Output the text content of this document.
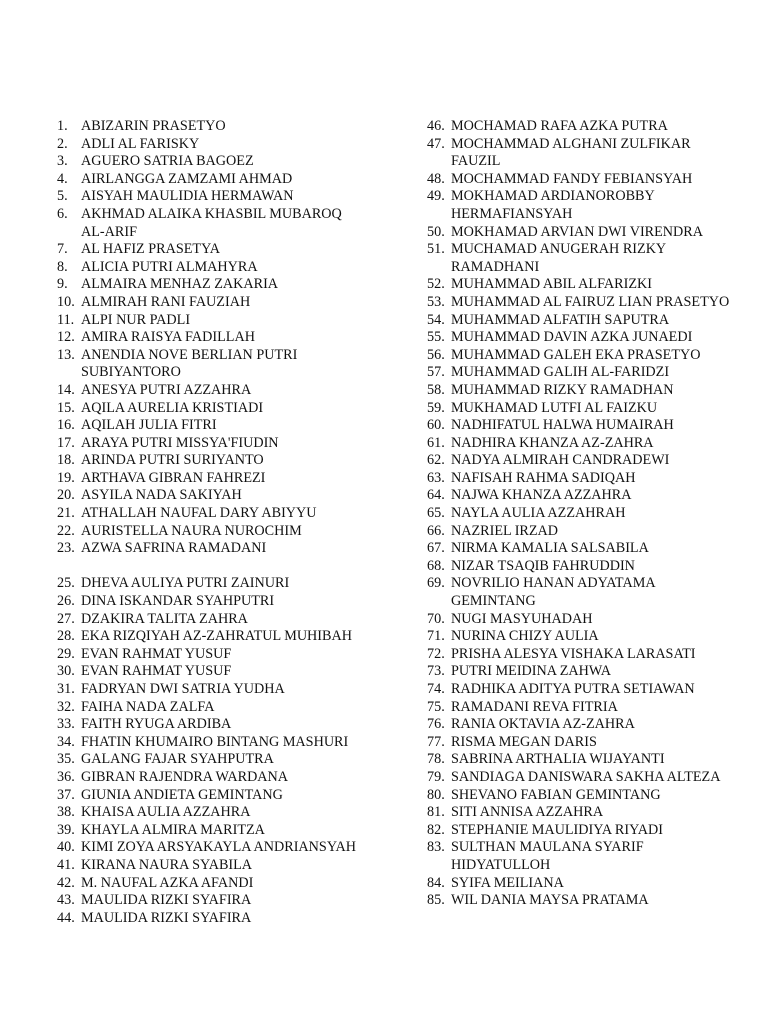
1. ABIZARIN PRASETYO
2. ADLI AL FARISKY
3. AGUERO SATRIA BAGOEZ
4. AIRLANGGA ZAMZAMI AHMAD
5. AISYAH MAULIDIA HERMAWAN
6. AKHMAD ALAIKA KHASBIL MUBAROQ
AL-ARIF
7. AL HAFIZ PRASETYA
8. ALICIA PUTRI ALMAHYRA
9. ALMAIRA MENHAZ ZAKARIA
10. ALMIRAH RANI FAUZIAH
11. ALPI NUR PADLI
12. AMIRA RAISYA FADILLAH
13. ANENDIA NOVE BERLIAN PUTRI
SUBIYANTORO
14. ANESYA PUTRI AZZAHRA
15. AQILA AURELIA KRISTIADI
16. AQILAH JULIA FITRI
17. ARAYA PUTRI MISSYA'FIUDIN
18. ARINDA PUTRI SURIYANTO
19. ARTHAVA GIBRAN FAHREZI
20. ASYILA NADA SAKIYAH
21. ATHALLAH NAUFAL DARY ABIYYU
22. AURISTELLA NAURA NUROCHIM
23. AZWA SAFRINA RAMADANI
25. DHEVA AULIYA PUTRI ZAINURI
26. DINA ISKANDAR SYAHPUTRI
27. DZAKIRA TALITA ZAHRA
28. EKA RIZQIYAH AZ-ZAHRATUL MUHIBAH
29. EVAN RAHMAT YUSUF
30. EVAN RAHMAT YUSUF
31. FADRYAN DWI SATRIA YUDHA
32. FAIHA NADA ZALFA
33. FAITH RYUGA ARDIBA
34. FHATIN KHUMAIRO BINTANG MASHURI
35. GALANG FAJAR SYAHPUTRA
36. GIBRAN RAJENDRA WARDANA
37. GIUNIA ANDIETA GEMINTANG
38. KHAISA AULIA AZZAHRA
39. KHAYLA ALMIRA MARITZA
40. KIMI ZOYA ARSYAKAYLA ANDRIANSYAH
41. KIRANA NAURA SYABILA
42. M. NAUFAL AZKA AFANDI
43. MAULIDA RIZKI SYAFIRA
44. MAULIDA RIZKI SYAFIRA
46. MOCHAMAD RAFA AZKA PUTRA
47. MOCHAMMAD ALGHANI ZULFIKAR
FAUZIL
48. MOCHAMMAD FANDY FEBIANSYAH
49. MOKHAMAD ARDIANOROBBY
HERMAFIANSYAH
50. MOKHAMAD ARVIAN DWI VIRENDRA
51. MUCHAMAD ANUGERAH RIZKY
RAMADHANI
52. MUHAMMAD ABIL ALFARIZKI
53. MUHAMMAD AL FAIRUZ LIAN PRASETYO
54. MUHAMMAD ALFATIH SAPUTRA
55. MUHAMMAD DAVIN AZKA JUNAEDI
56. MUHAMMAD GALEH EKA PRASETYO
57. MUHAMMAD GALIH AL-FARIDZI
58. MUHAMMAD RIZKY RAMADHAN
59. MUKHAMAD LUTFI AL FAIZKU
60. NADHIFATUL HALWA HUMAIRAH
61. NADHIRA KHANZA AZ-ZAHRA
62. NADYA ALMIRAH CANDRADEWI
63. NAFISAH RAHMA SADIQAH
64. NAJWA KHANZA AZZAHRA
65. NAYLA AULIA AZZAHRAH
66. NAZRIEL IRZAD
67. NIRMA KAMALIA SALSABILA
68. NIZAR TSAQIB FAHRUDDIN
69. NOVRILIO HANAN ADYATAMA
GEMINTANG
70. NUGI MASYUHADAH
71. NURINA CHIZY AULIA
72. PRISHA ALESYA VISHAKA LARASATI
73. PUTRI MEIDINA ZAHWA
74. RADHIKA ADITYA PUTRA SETIAWAN
75. RAMADANI REVA FITRIA
76. RANIA OKTAVIA AZ-ZAHRA
77. RISMA MEGAN DARIS
78. SABRINA ARTHALIA WIJAYANTI
79. SANDIAGA DANISWARA SAKHA ALTEZA
80. SHEVANO FABIAN GEMINTANG
81. SITI ANNISA AZZAHRA
82. STEPHANIE MAULIDIYA RIYADI
83. SULTHAN MAULANA SYARIF
HIDYATULLOH
84. SYIFA MEILIANA
85. WIL DANIA MAYSA PRATAMA
